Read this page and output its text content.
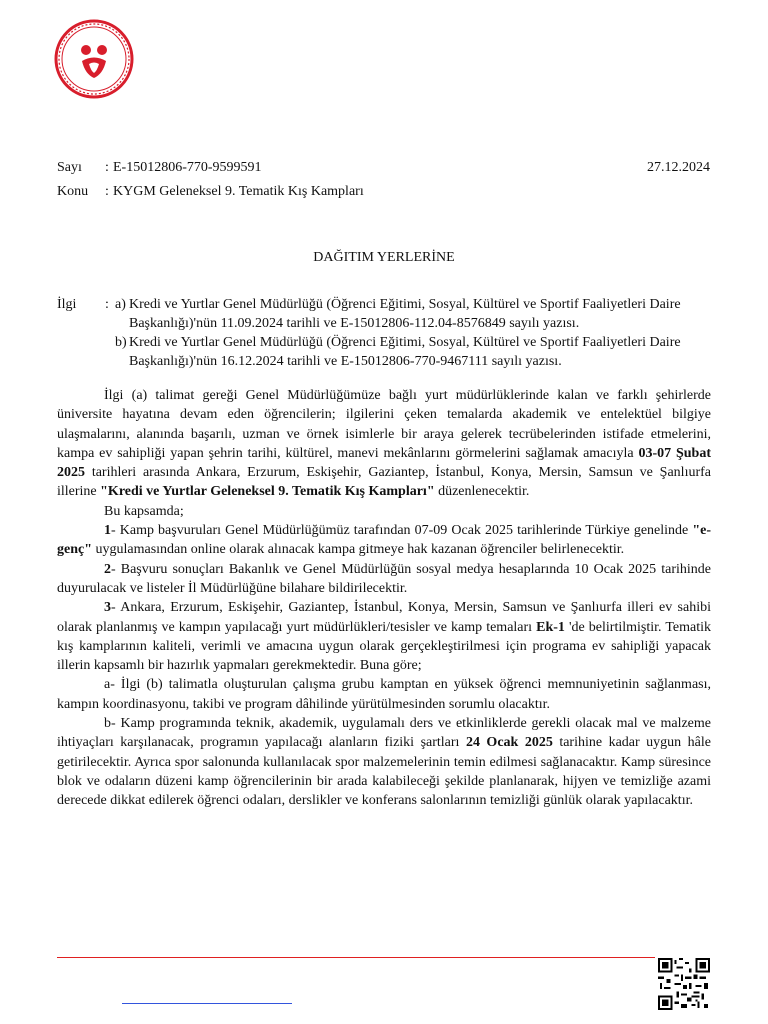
Sayı : E-15012806-770-9599591	27.12.2024
Konu : KYGM Geleneksel 9. Tematik Kış Kampları
DAĞITIM YERLERİNE
İlgi : a) Kredi ve Yurtlar Genel Müdürlüğü (Öğrenci Eğitimi, Sosyal, Kültürel ve Sportif Faaliyetleri Daire Başkanlığı)'nün 11.09.2024 tarihli ve E-15012806-112.04-8576849 sayılı yazısı.
b) Kredi ve Yurtlar Genel Müdürlüğü (Öğrenci Eğitimi, Sosyal, Kültürel ve Sportif Faaliyetleri Daire Başkanlığı)'nün 16.12.2024 tarihli ve E-15012806-770-9467111 sayılı yazısı.

İlgi (a) talimat gereği Genel Müdürlüğümüze bağlı yurt müdürlüklerinde kalan ve farklı şehirlerde üniversite hayatına devam eden öğrencilerin; ilgilerini çeken temalarda akademik ve entelektüel bilgiye ulaşmalarını, alanında başarılı, uzman ve örnek isimlerle bir araya gelerek tecrübelerinden istifade etmelerini, kampa ev sahipliği yapan şehrin tarihi, kültürel, manevi mekânlarını görmelerini sağlamak amacıyla 03-07 Şubat 2025 tarihleri arasında Ankara, Erzurum, Eskişehir, Gaziantep, İstanbul, Konya, Mersin, Samsun ve Şanlıurfa illerine "Kredi ve Yurtlar Geleneksel 9. Tematik Kış Kampları" düzenlenecektir.

Bu kapsamda;

1- Kamp başvuruları Genel Müdürlüğümüz tarafından 07-09 Ocak 2025 tarihlerinde Türkiye genelinde "e-genç" uygulamasından online olarak alınacak kampa gitmeye hak kazanan öğrenciler belirlenecektir.

2- Başvuru sonuçları Bakanlık ve Genel Müdürlüğün sosyal medya hesaplarında 10 Ocak 2025 tarihinde duyurulacak ve listeler İl Müdürlüğüne bilahare bildirilecektir.

3- Ankara, Erzurum, Eskişehir, Gaziantep, İstanbul, Konya, Mersin, Samsun ve Şanlıurfa illeri ev sahibi olarak planlanmış ve kampın yapılacağı yurt müdürlükleri/tesisler ve kamp temaları Ek-1 'de belirtilmiştir. Tematik kış kamplarının kaliteli, verimli ve amacına uygun olarak gerçekleştirilmesi için programa ev sahipliği yapacak illerin kapsamlı bir hazırlık yapmaları gerekmektedir. Buna göre;

a- İlgi (b) talimatla oluşturulan çalışma grubu kamptan en yüksek öğrenci memnuniyetinin sağlanması, kampın koordinasyonu, takibi ve program dâhilinde yürütülmesinden sorumlu olacaktır.

b- Kamp programında teknik, akademik, uygulamalı ders ve etkinliklerde gerekli olacak mal ve malzeme ihtiyaçları karşılanacak, programın yapılacağı alanların fiziki şartları 24 Ocak 2025 tarihine kadar uygun hâle getirilecektir. Ayrıca spor salonunda kullanılacak spor malzemelerinin temin edilmesi sağlanacaktır. Kamp süresince blok ve odaların düzeni kamp öğrencilerinin bir arada kalabileceği şekilde planlanarak, hijyen ve temizliğe azami derecede dikkat edilerek öğrenci odaları, derslikler ve konferans salonlarının temizliği günlük olarak yapılacaktır.
